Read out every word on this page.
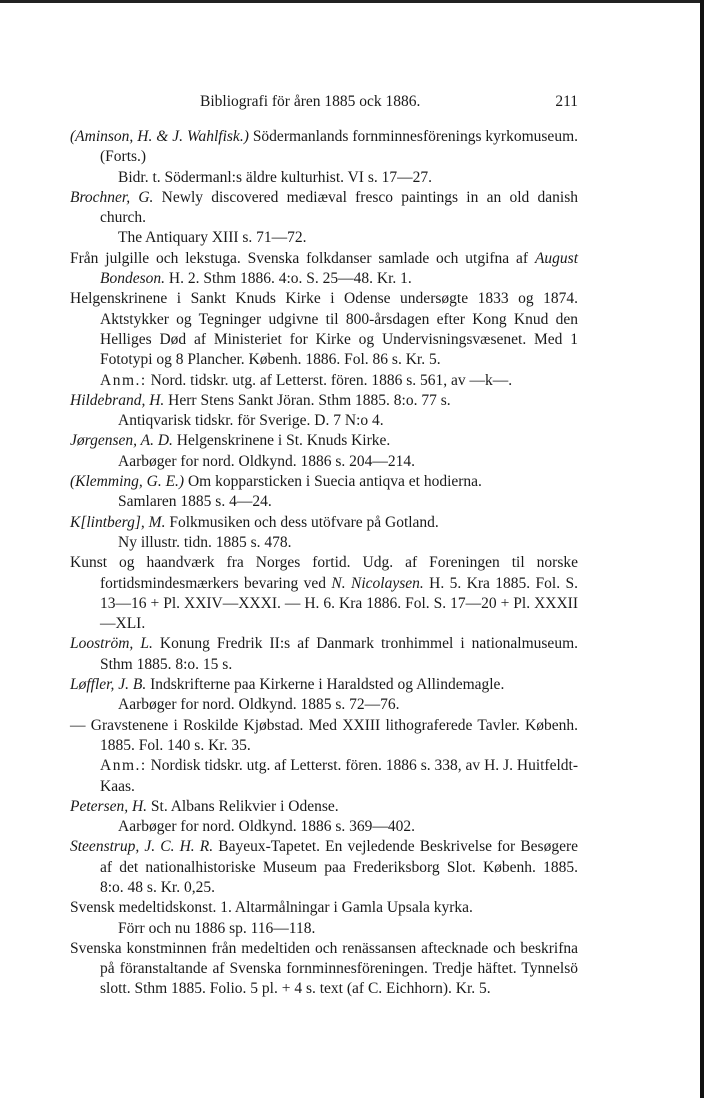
Bibliografi för åren 1885 ock 1886.	211
(Aminson, H. & J. Wahlfisk.) Södermanlands fornminnesförenings kyrkomuseum. (Forts.)
Bidr. t. Södermanl:s äldre kulturhist. VI s. 17—27.
Brochner, G. Newly discovered mediæval fresco paintings in an old danish church.
The Antiquary XIII s. 71—72.
Från julgille och lekstuga. Svenska folkdanser samlade och utgifna af August Bondeson. H. 2. Sthm 1886. 4:o. S. 25—48. Kr. 1.
Helgenskrinene i Sankt Knuds Kirke i Odense undersøgte 1833 og 1874. Aktstykker og Tegninger udgivne til 800-årsdagen efter Kong Knud den Helliges Død af Ministeriet for Kirke og Undervisningsvæsenet. Med 1 Fototypi og 8 Plancher. Københ. 1886. Fol. 86 s. Kr. 5.
Anm.: Nord. tidskr. utg. af Letterst. fören. 1886 s. 561, av —k—.
Hildebrand, H. Herr Stens Sankt Jöran. Sthm 1885. 8:o. 77 s.
Antiqvarisk tidskr. för Sverige. D. 7 N:o 4.
Jørgensen, A. D. Helgenskrinene i St. Knuds Kirke.
Aarbøger for nord. Oldkynd. 1886 s. 204—214.
(Klemming, G. E.) Om kopparsticken i Suecia antiqva et hodierna.
Samlaren 1885 s. 4—24.
K[lintberg], M. Folkmusiken och dess utöfvare på Gotland.
Ny illustr. tidn. 1885 s. 478.
Kunst og haandværk fra Norges fortid. Udg. af Foreningen til norske fortidsmindesmærkers bevaring ved N. Nicolaysen. H. 5. Kra 1885. Fol. S. 13—16 + Pl. XXIV—XXXI. — H. 6. Kra 1886. Fol. S. 17—20 + Pl. XXXII—XLI.
Looström, L. Konung Fredrik II:s af Danmark tronhimmel i nationalmuseum. Sthm 1885. 8:o. 15 s.
Løffler, J. B. Indskrifterne paa Kirkerne i Haraldsted og Allindemagle.
Aarbøger for nord. Oldkynd. 1885 s. 72—76.
— Gravstenene i Roskilde Kjøbstad. Med XXIII lithograferede Tavler. Københ. 1885. Fol. 140 s. Kr. 35.
Anm.: Nordisk tidskr. utg. af Letterst. fören. 1886 s. 338, av H. J. Huitfeldt-Kaas.
Petersen, H. St. Albans Relikvier i Odense.
Aarbøger for nord. Oldkynd. 1886 s. 369—402.
Steenstrup, J. C. H. R. Bayeux-Tapetet. En vejledende Beskrivelse for Besøgere af det nationalhistoriske Museum paa Frederiksborg Slot. Københ. 1885. 8:o. 48 s. Kr. 0,25.
Svensk medeltidskonst. 1. Altarmålningar i Gamla Upsala kyrka.
Förr och nu 1886 sp. 116—118.
Svenska konstminnen från medeltiden och renässansen aftecknade och beskrifna på föranstaltande af Svenska fornminnesföreningen. Tredje häftet. Tynnelsö slott. Sthm 1885. Folio. 5 pl. + 4 s. text (af C. Eichhorn). Kr. 5.
